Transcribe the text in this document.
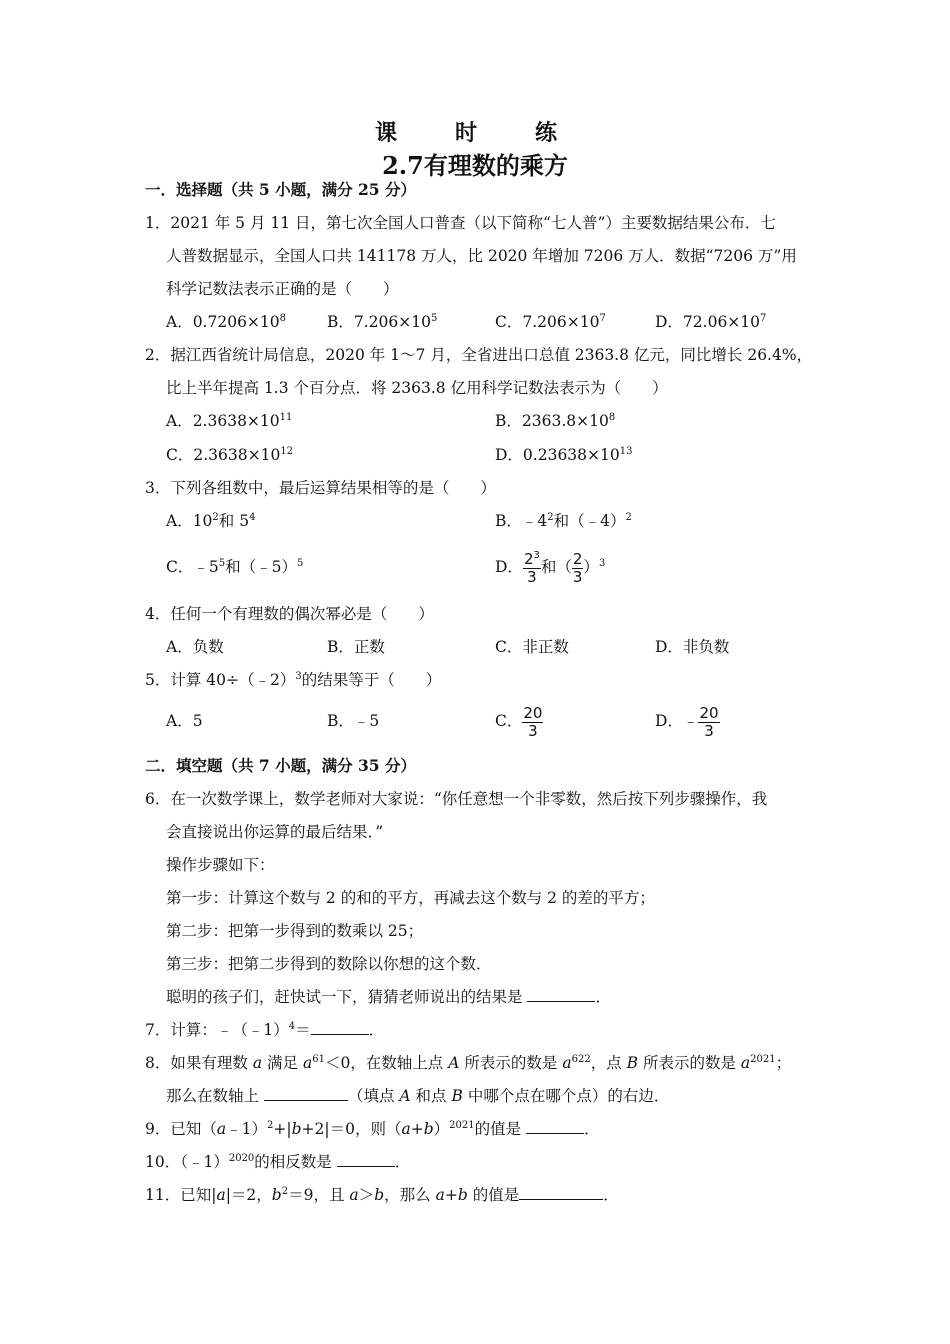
课　时　练
2.7有理数的乘方
一．选择题（共 5 小题，满分 25 分）
1．2021 年 5 月 11 日，第七次全国人口普查（以下简称“七人普”）主要数据结果公布．七
人普数据显示，全国人口共 141178 万人，比 2020 年增加 7206 万人．数据“7206 万”用
科学记数法表示正确的是（　　）
A．$0.7206\times 10^8$	B．$7.206\times 10^5$	C．$7.206\times 10^7$	D．$72.06\times 10^7$
2．据江西省统计局信息，2020 年 1～7 月，全省进出口总值 2363.8 亿元，同比增长 26.4%，
比上半年提高 1.3 个百分点．将 2363.8 亿用科学记数法表示为（　　）
A．$2.3638\times 10^{11}$	B．$2363.8\times 10^8$
C．$2.3638\times 10^{12}$	D．$0.23638\times 10^{13}$
3．下列各组数中，最后运算结果相等的是（　　）
A．$10^2$和 $5^4$	B．$﹣4^2$和（﹣4）$^2$
C．$﹣5^5$和（﹣5）$^5$	D． $\frac{2^3}{3}$ 和（ $\frac{2}{3} )^3$
4．任何一个有理数的偶次幂必是（　　）
A．负数	B．正数	C．非正数	D．非负数
5．计算 40÷（﹣2）$^3$的结果等于（　　）
A．5	B．﹣5	C． $\frac{20}{3}$	D．﹣ $\frac{20}{3}$
二．填空题（共 7 小题，满分 35 分）
6．在一次数学课上，数学老师对大家说：“你任意想一个非零数，然后按下列步骤操作，我
会直接说出你运算的最后结果．”
操作步骤如下：
第一步：计算这个数与 2 的和的平方，再减去这个数与 2 的差的平方；
第二步：把第一步得到的数乘以 25；
第三步：把第二步得到的数除以你想的这个数．
聪明的孩子们，赶快试一下，猜猜老师说出的结果是	．
7．计算：﹣（﹣1）$^4$＝	．
8．如果有理数 a 满足 $a^{61}<0$，在数轴上点 A 所表示的数是 $a^{622}$，点 B 所表示的数是 $a^{2021}$；
那么在数轴上	（填点 A 和点 B 中哪个点在哪个点）的右边．
9．已知（a﹣1）$^2$+|b+2|＝0，则$(a+b)^{2021}$的值是	．
10．（﹣1）$^{2020}$的相反数是	．
11．已知|a|＝2，$b^2=9$，且 a＞b，那么 a+b 的值是	．
